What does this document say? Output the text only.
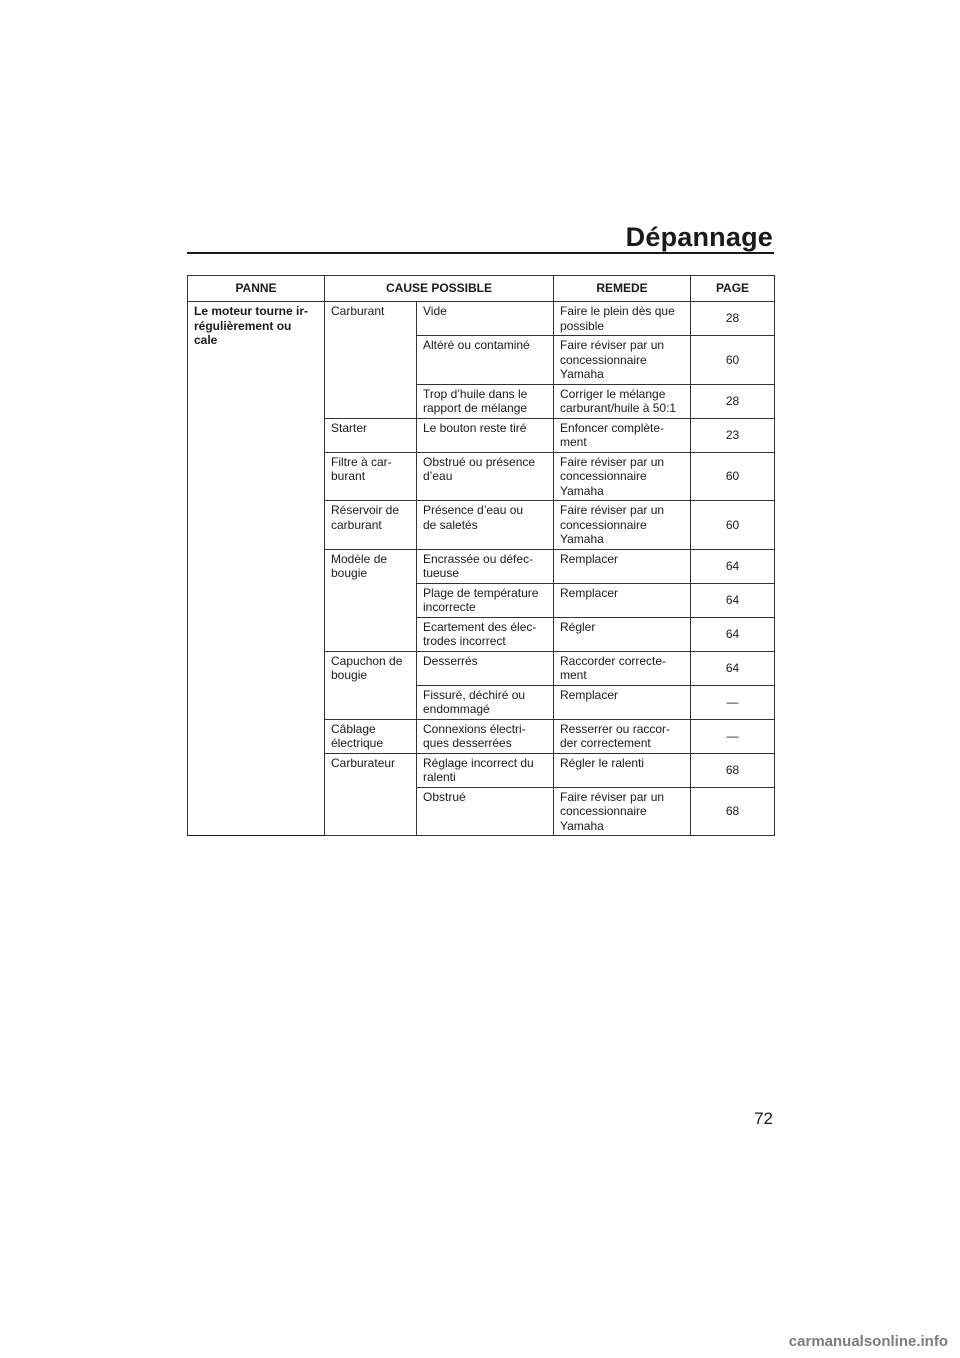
Dépannage
PANNE	CAUSE POSSIBLE		REMEDE	PAGE
Le moteur tourne ir-
régulièrement ou
cale	Carburant	Vide	Faire le plein dès que
possible	28
		Altéré ou contaminé	Faire réviser par un
concessionnaire
Yamaha	60
		Trop d’huile dans le
rapport de mélange	Corriger le mélange
carburant/huile à 50:1	28
	Starter	Le bouton reste tiré	Enfoncer complète-
ment	23
	Filtre à car-
burant	Obstrué ou présence
d’eau	Faire réviser par un
concessionnaire
Yamaha	60
	Réservoir de
carburant	Présence d’eau ou
de saletés	Faire réviser par un
concessionnaire
Yamaha	60
	Modèle de
bougie	Encrassée ou défec-
tueuse	Remplacer	64
		Plage de température
incorrecte	Remplacer	64
		Ecartement des élec-
trodes incorrect	Régler	64
	Capuchon de
bougie	Desserrés	Raccorder correcte-
ment	64
		Fissuré, déchiré ou
endommagé	Remplacer	—
	Câblage
électrique	Connexions électri-
ques desserrées	Resserrer ou raccor-
der correctement	—
	Carburateur	Réglage incorrect du
ralenti	Régler le ralenti	68
		Obstrué	Faire réviser par un
concessionnaire
Yamaha	68
72
carmanualsonline.info
